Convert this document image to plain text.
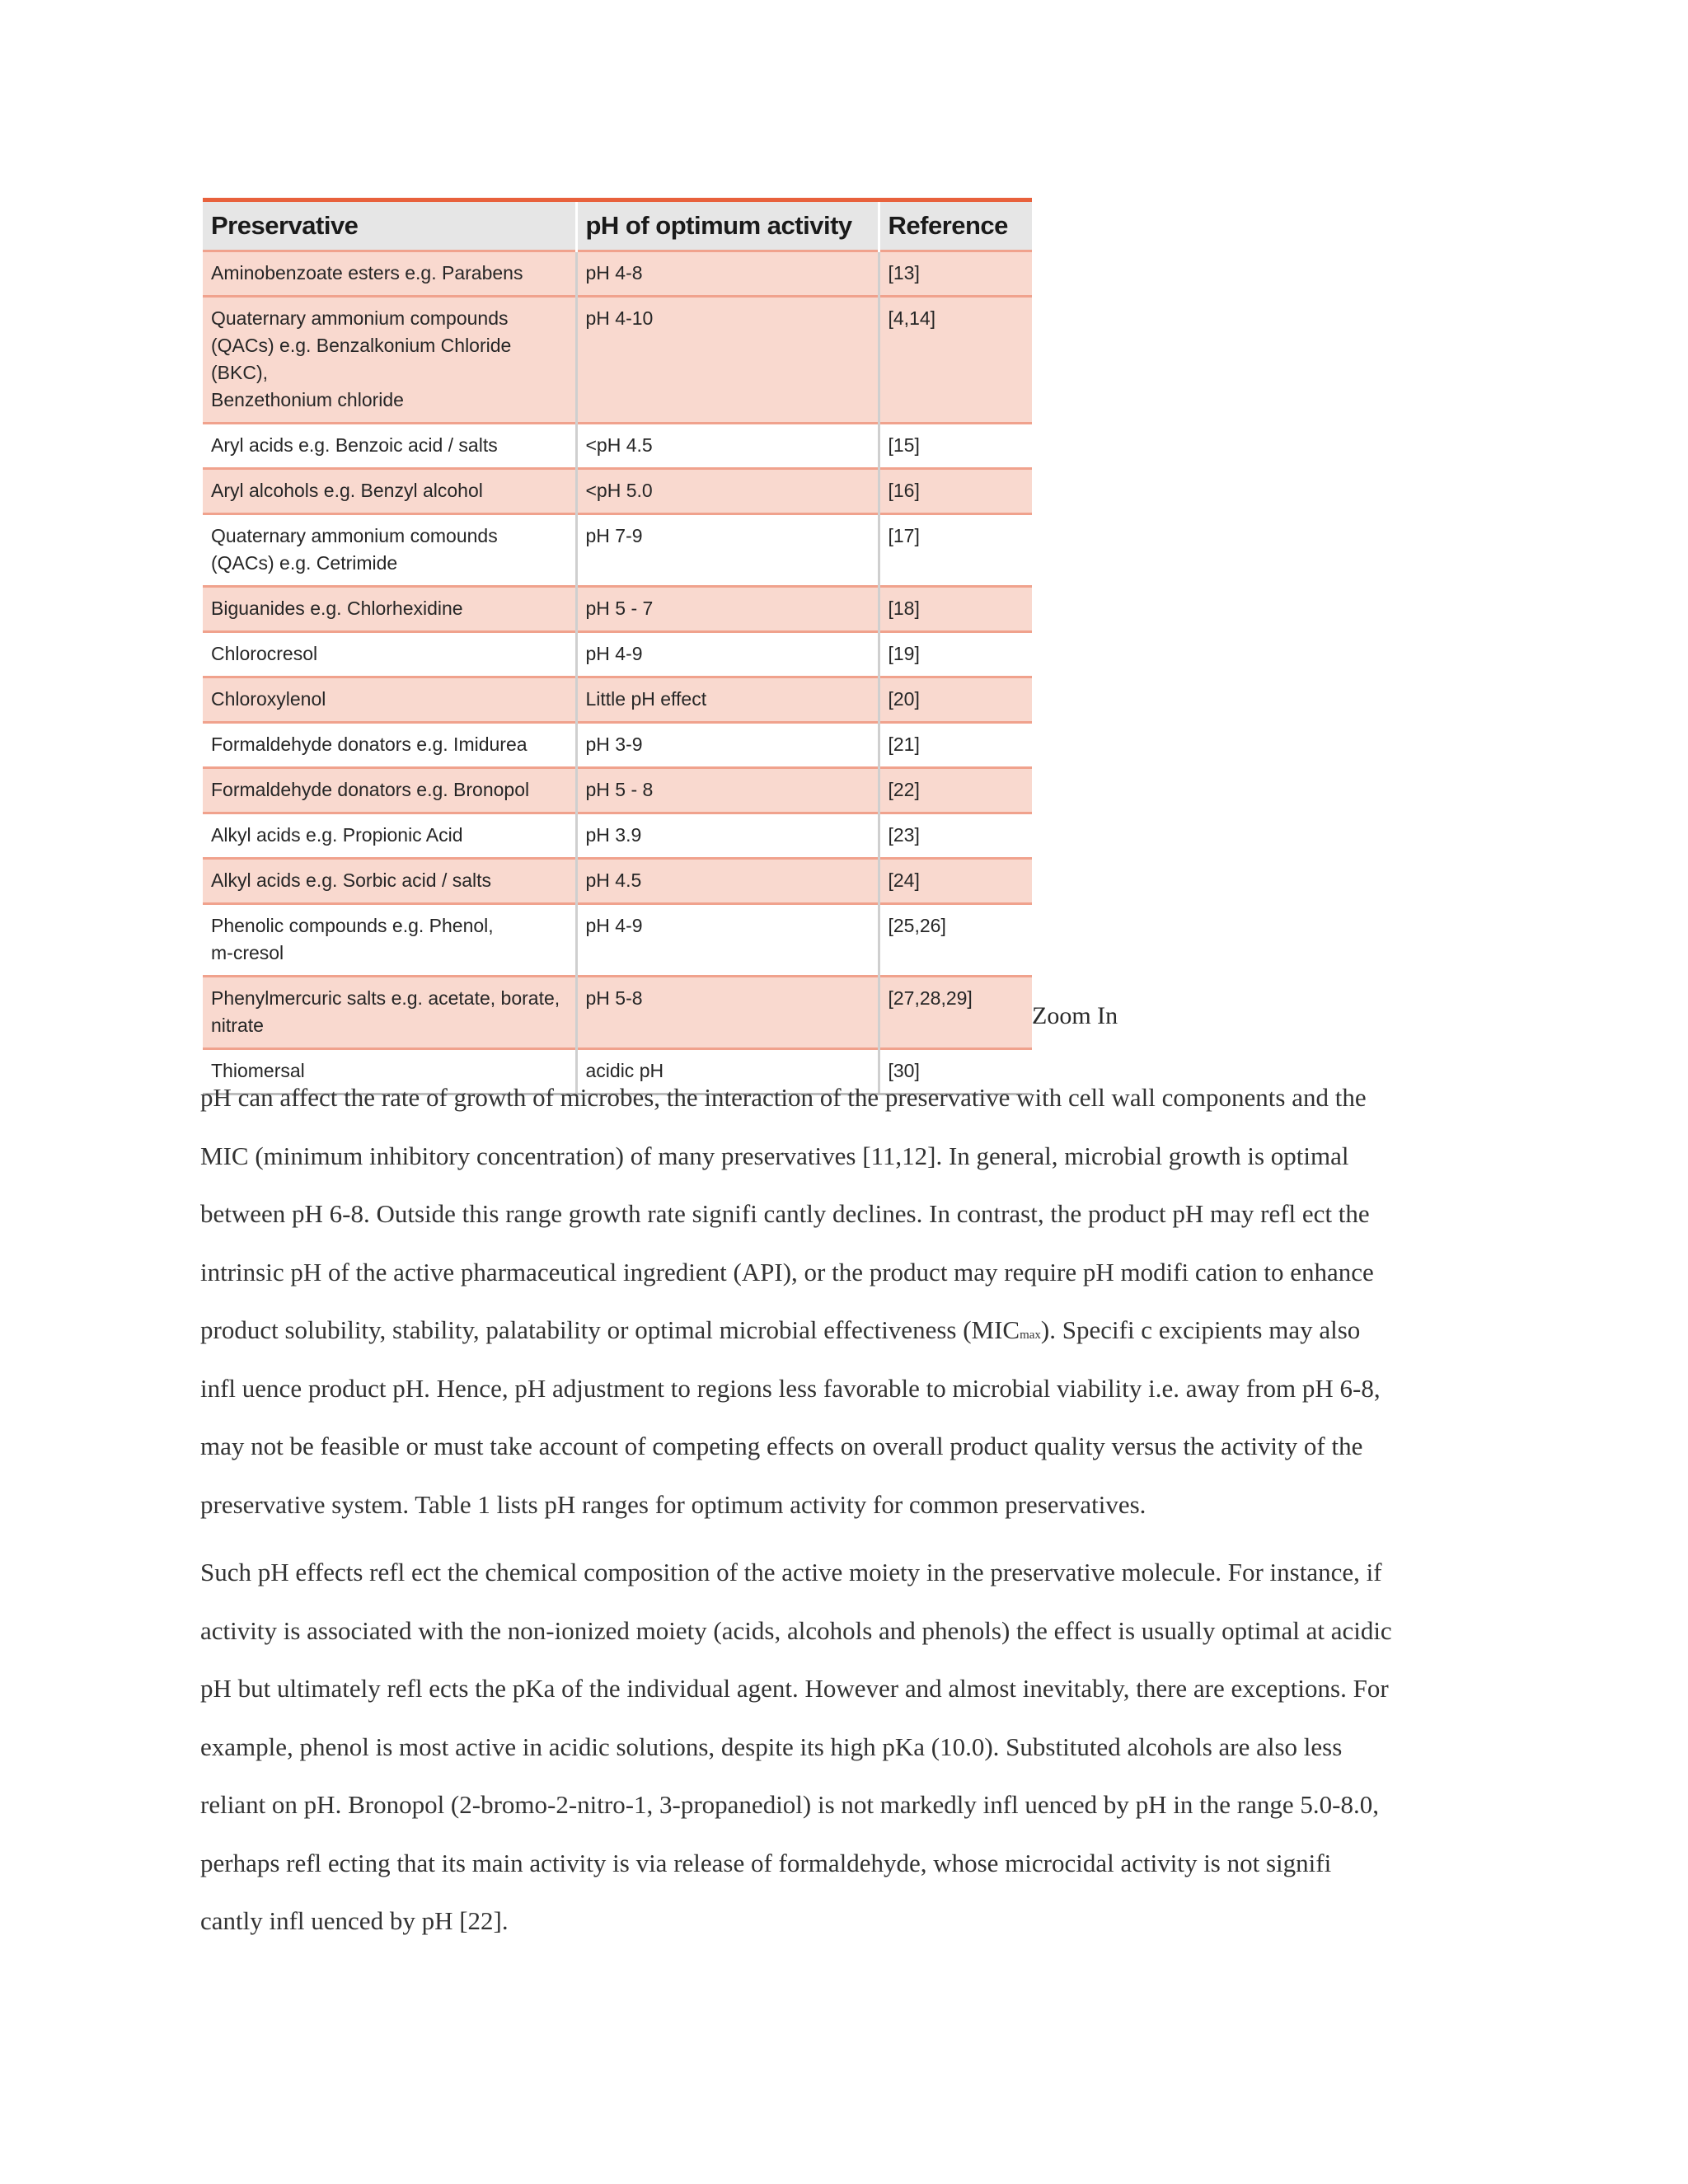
Preservative	pH of optimum activity	Reference

Aminobenzoate esters e.g. Parabens	pH 4-8	[13]

Quaternary ammonium compounds
(QACs) e.g. Benzalkonium Chloride (BKC),
Benzethonium chloride	pH 4-10	[4,14]

Aryl acids e.g. Benzoic acid / salts	<pH 4.5	[15]

Aryl alcohols e.g. Benzyl alcohol	<pH 5.0	[16]

Quaternary ammonium comounds
(QACs) e.g. Cetrimide	pH 7-9	[17]

Biguanides e.g. Chlorhexidine	pH 5 - 7	[18]

Chlorocresol	pH 4-9	[19]

Chloroxylenol	Little pH effect	[20]

Formaldehyde donators e.g. Imidurea	pH 3-9	[21]

Formaldehyde donators e.g. Bronopol	pH 5 - 8	[22]

Alkyl acids e.g. Propionic Acid	pH 3.9	[23]

Alkyl acids e.g. Sorbic acid / salts	pH 4.5	[24]

Phenolic compounds e.g. Phenol,
m-cresol	pH 4-9	[25,26]

Phenylmercuric salts e.g. acetate, borate,
nitrate	pH 5-8	[27,28,29]

Thiomersal	acidic pH	[30]
Zoom In
pH can affect the rate of growth of microbes, the interaction of the preservative with cell wall components and the
MIC (minimum inhibitory concentration) of many preservatives [11,12]. In general, microbial growth is optimal
between pH 6-8. Outside this range growth rate signifi cantly declines. In contrast, the product pH may refl ect the
intrinsic pH of the active pharmaceutical ingredient (API), or the product may require pH modifi cation to enhance
product solubility, stability, palatability or optimal microbial effectiveness (MICmax). Specifi c excipients may also
infl uence product pH. Hence, pH adjustment to regions less favorable to microbial viability i.e. away from pH 6-8,
may not be feasible or must take account of competing effects on overall product quality versus the activity of the
preservative system. Table 1 lists pH ranges for optimum activity for common preservatives.
Such pH effects refl ect the chemical composition of the active moiety in the preservative molecule. For instance, if
activity is associated with the non-ionized moiety (acids, alcohols and phenols) the effect is usually optimal at acidic
pH but ultimately refl ects the pKa of the individual agent. However and almost inevitably, there are exceptions. For
example, phenol is most active in acidic solutions, despite its high pKa (10.0). Substituted alcohols are also less
reliant on pH. Bronopol (2-bromo-2-nitro-1, 3-propanediol) is not markedly infl uenced by pH in the range 5.0-8.0,
perhaps refl ecting that its main activity is via release of formaldehyde, whose microcidal activity is not signifi
cantly infl uenced by pH [22].
